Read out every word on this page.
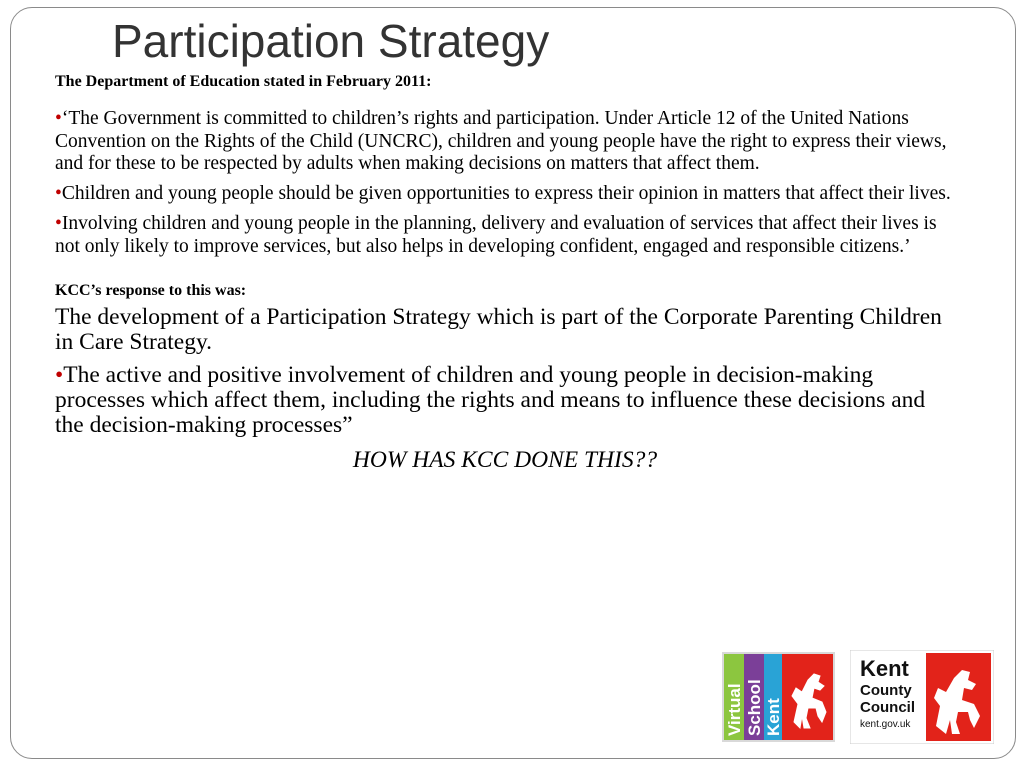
Participation Strategy

The Department of Education stated in February 2011:

•‘The Government is committed to children’s rights and participation. Under Article 12 of the United Nations Convention on the Rights of the Child (UNCRC), children and young people have the right to express their views, and for these to be respected by adults when making decisions on matters that affect them.
•Children and young people should be given opportunities to express their opinion in matters that affect their lives.
•Involving children and young people in the planning, delivery and evaluation of services that affect their lives is not only likely to improve services, but also helps in developing confident, engaged and responsible citizens.’

KCC’s response to this was:

The development of a Participation Strategy which is part of the Corporate Parenting Children in Care Strategy.

•The active and positive involvement of children and young people in decision-making processes which affect them, including the rights and means to influence these decisions and the decision-making processes”

HOW HAS KCC DONE THIS??

Virtual School Kent
Kent
County
Council
kent.gov.uk
